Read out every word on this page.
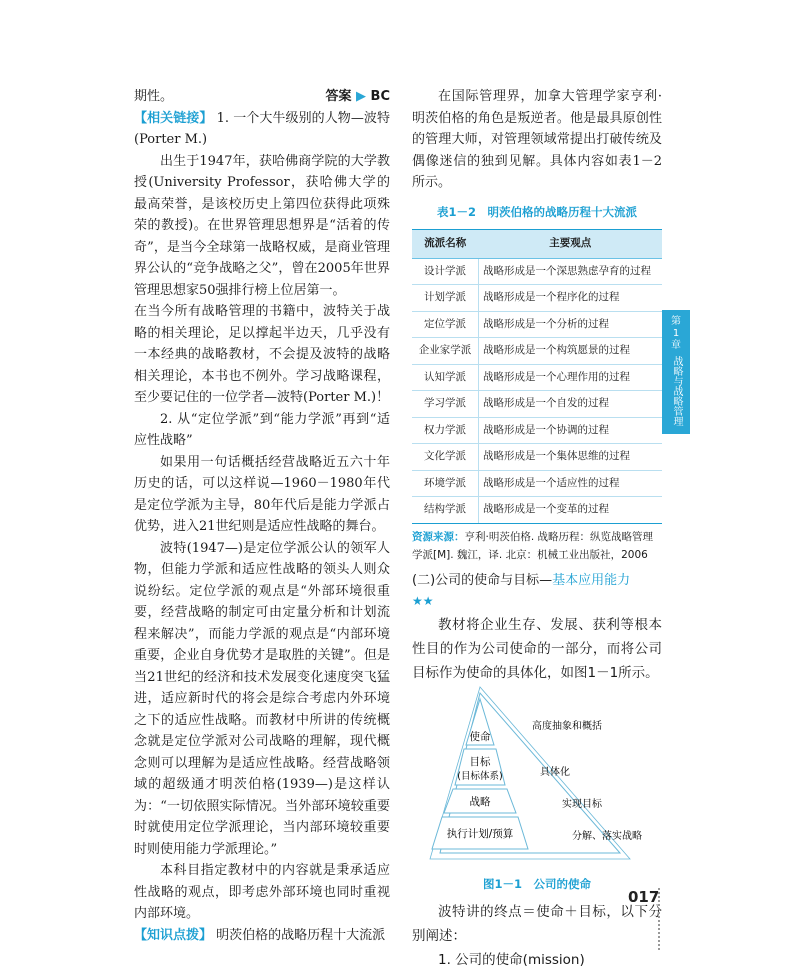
期性。	答案 ▶ BC

【相关链接】 1. 一个大牛级别的人物—波特(Porter M.)

出生于1947年，获哈佛商学院的大学教授(University Professor，获哈佛大学的最高荣誉，是该校历史上第四位获得此项殊荣的教授)。在世界管理思想界是“活着的传奇”，是当今全球第一战略权威，是商业管理界公认的“竞争战略之父”，曾在2005年世界管理思想家50强排行榜上位居第一。

在当今所有战略管理的书籍中，波特关于战略的相关理论，足以撑起半边天，几乎没有一本经典的战略教材，不会提及波特的战略相关理论，本书也不例外。学习战略课程，至少要记住的一位学者—波特(Porter M.)！

2. 从“定位学派”到“能力学派”再到“适应性战略”

如果用一句话概括经营战略近五六十年历史的话，可以这样说—1960－1980年代是定位学派为主导，80年代后是能力学派占优势，进入21世纪则是适应性战略的舞台。

波特(1947—)是定位学派公认的领军人物，但能力学派和适应性战略的领头人则众说纷纭。定位学派的观点是“外部环境很重要，经营战略的制定可由定量分析和计划流程来解决”，而能力学派的观点是“内部环境重要，企业自身优势才是取胜的关键”。但是当21世纪的经济和技术发展变化速度突飞猛进，适应新时代的将会是综合考虑内外环境之下的适应性战略。而教材中所讲的传统概念就是定位学派对公司战略的理解，现代概念则可以理解为是适应性战略。经营战略领域的超级通才明茨伯格(1939—)是这样认为：“一切依照实际情况。当外部环境较重要时就使用定位学派理论，当内部环境较重要时则使用能力学派理论。”

本科目指定教材中的内容就是秉承适应性战略的观点，即考虑外部环境也同时重视内部环境。

【知识点拨】 明茨伯格的战略历程十大流派

在国际管理界，加拿大管理学家亨利·明茨伯格的角色是叛逆者。他是最具原创性的管理大师，对管理领域常提出打破传统及偶像迷信的独到见解。具体内容如表1－2所示。

表1－2　明茨伯格的战略历程十大流派
流派名称	主要观点
设计学派	战略形成是一个深思熟虑孕育的过程
计划学派	战略形成是一个程序化的过程
定位学派	战略形成是一个分析的过程
企业家学派	战略形成是一个构筑愿景的过程
认知学派	战略形成是一个心理作用的过程
学习学派	战略形成是一个自发的过程
权力学派	战略形成是一个协调的过程
文化学派	战略形成是一个集体思维的过程
环境学派	战略形成是一个适应性的过程
结构学派	战略形成是一个变革的过程
资源来源：亨利·明茨伯格. 战略历程：纵览战略管理学派[M]. 魏江，译. 北京：机械工业出版社，2006
(二)公司的使命与目标—基本应用能力
★★

教材将企业生存、发展、获利等根本性目的作为公司使命的一部分，而将公司目标作为使命的具体化，如图1－1所示。

使命
目标
(目标体系)
战略
执行计划/预算
高度抽象和概括
具体化
实现目标
分解、落实战略
图1－1　公司的使命

波特讲的终点＝使命＋目标，以下分别阐述：

1. 公司的使命(mission)

第
1
章
战略与战略管理
017
